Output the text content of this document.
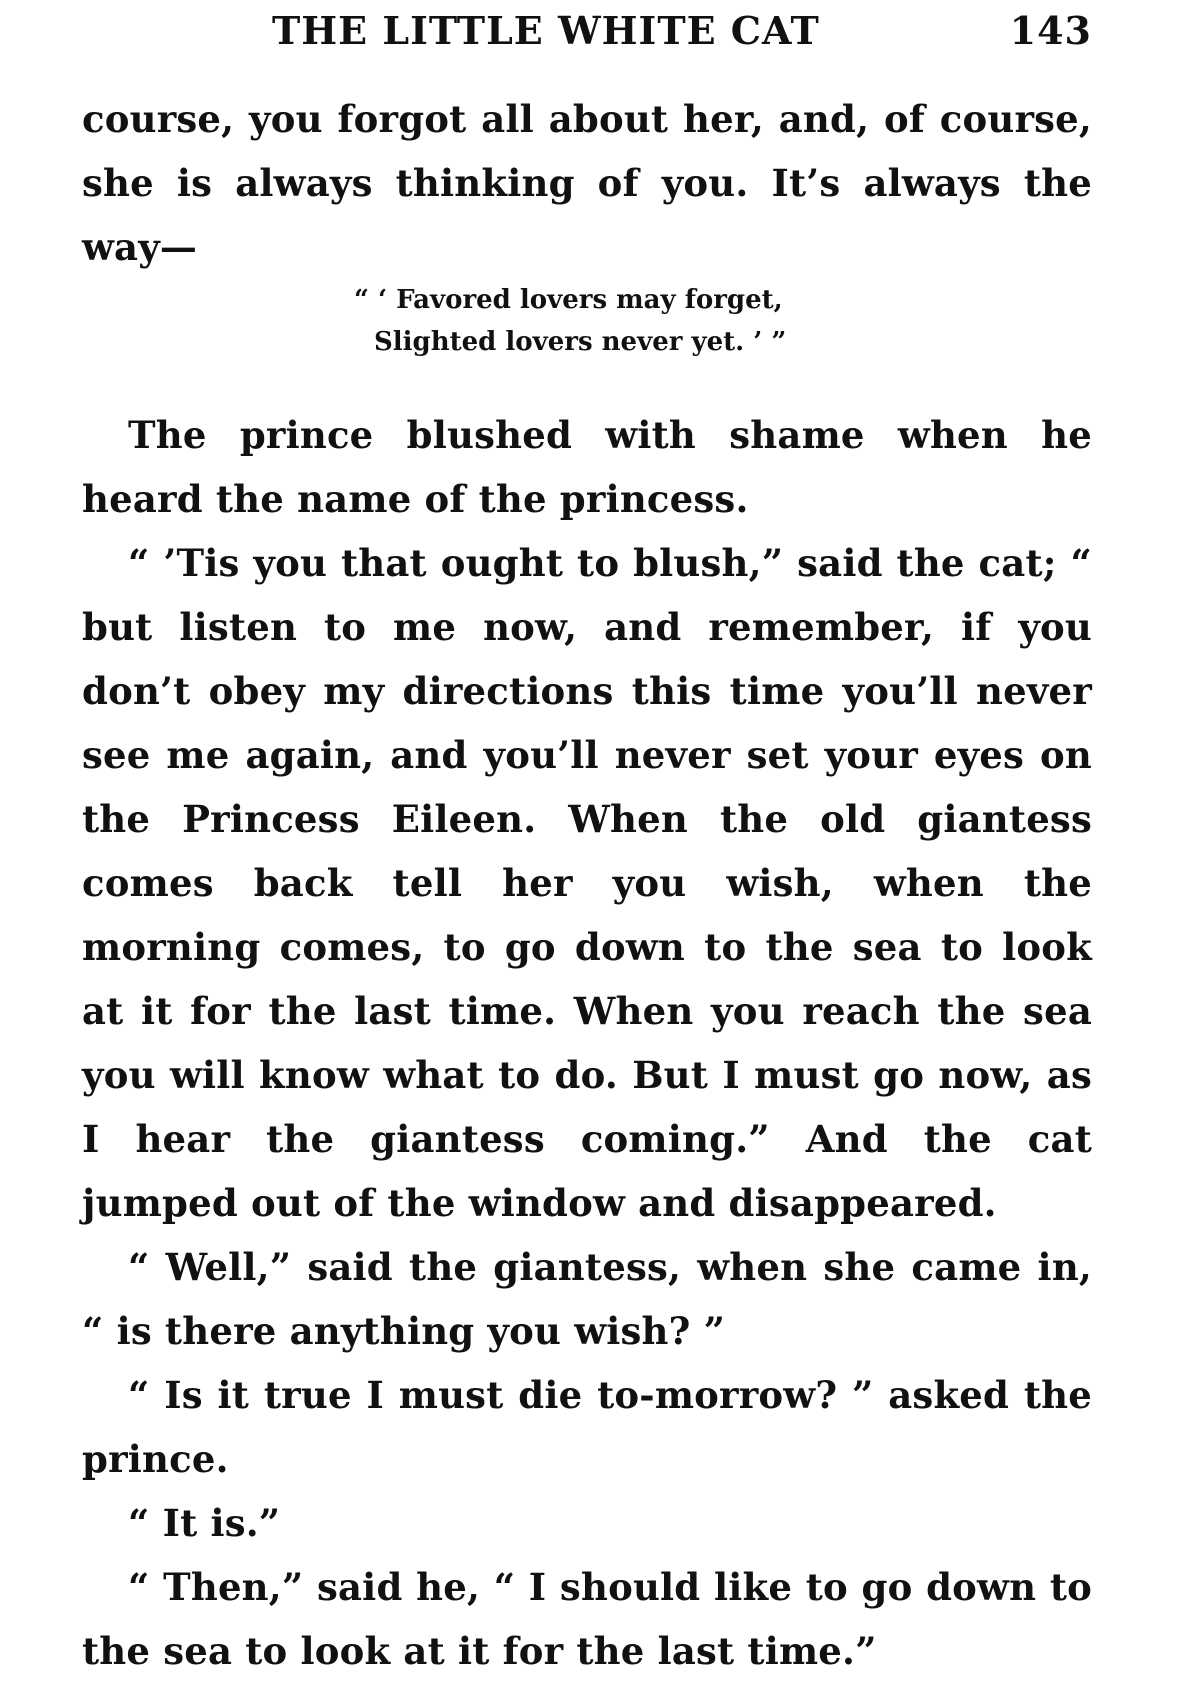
THE LITTLE WHITE CAT	143

course, you forgot all about her, and, of course, she is always thinking of you. It’s always the way—

“ ‘ Favored lovers may forget,
Slighted lovers never yet. ’ ”

The prince blushed with shame when he heard the name of the princess.

“ ’Tis you that ought to blush,” said the cat; “ but listen to me now, and remember, if you don’t obey my directions this time you’ll never see me again, and you’ll never set your eyes on the Princess Eileen. When the old giantess comes back tell her you wish, when the morning comes, to go down to the sea to look at it for the last time. When you reach the sea you will know what to do. But I must go now, as I hear the giantess coming.” And the cat jumped out of the window and disappeared.

“ Well,” said the giantess, when she came in, “ is there anything you wish? ”

“ Is it true I must die to-morrow? ” asked the prince.

“ It is.”

“ Then,” said he, “ I should like to go down to the sea to look at it for the last time.”
